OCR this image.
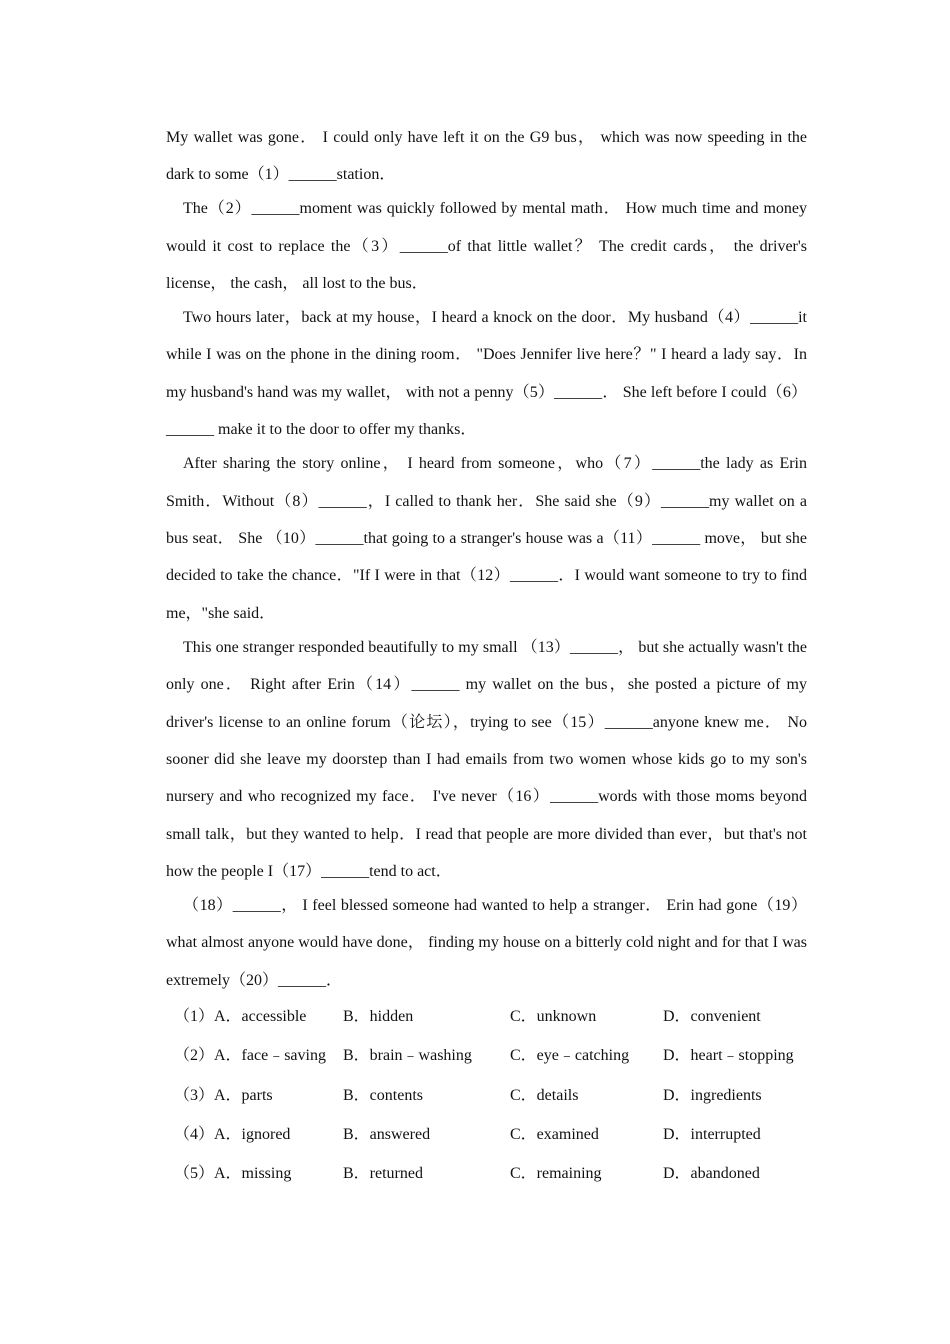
My wallet was gone． I could only have left it on the G9 bus， which was now speeding in the dark to some（1）______station．

The（2）______moment was quickly followed by mental math． How much time and money would it cost to replace the（3）______of that little wallet？ The credit cards， the driver's license， the cash， all lost to the bus．

Two hours later，back at my house，I heard a knock on the door．My husband（4）______it while I was on the phone in the dining room． "Does Jennifer live here？" I heard a lady say．In my husband's hand was my wallet， with not a penny（5）______． She left before I could（6）______ make it to the door to offer my thanks．

After sharing the story online， I heard from someone，who（7）______the lady as Erin Smith．Without（8）______，I called to thank her．She said she（9）______my wallet on a bus seat． She （10）______that going to a stranger's house was a（11）______ move， but she decided to take the chance．"If I were in that（12）______．I would want someone to try to find me，"she said．

This one stranger responded beautifully to my small （13）______， but she actually wasn't the only one． Right after Erin（14）______ my wallet on the bus，she posted a picture of my driver's license to an online forum（论坛），trying to see（15）______anyone knew me． No sooner did she leave my doorstep than I had emails from two women whose kids go to my son's nursery and who recognized my face． I've never（16）______words with those moms beyond small talk，but they wanted to help．I read that people are more divided than ever，but that's not how the people I（17）______tend to act．

（18）______， I feel blessed someone had wanted to help a stranger． Erin had gone（19）what almost anyone would have done， finding my house on a bitterly cold night and for that I was extremely（20）______．

（1）A．accessible B．hidden	C．unknown	D．convenient
（2）A．face﹣saving B．brain﹣washing C．eye﹣catching D．heart﹣stopping
（3）A．parts	B．contents	C．details	D．ingredients
（4）A．ignored	B．answered	C．examined	D．interrupted
（5）A．missing	B．returned	C．remaining	D．abandoned
